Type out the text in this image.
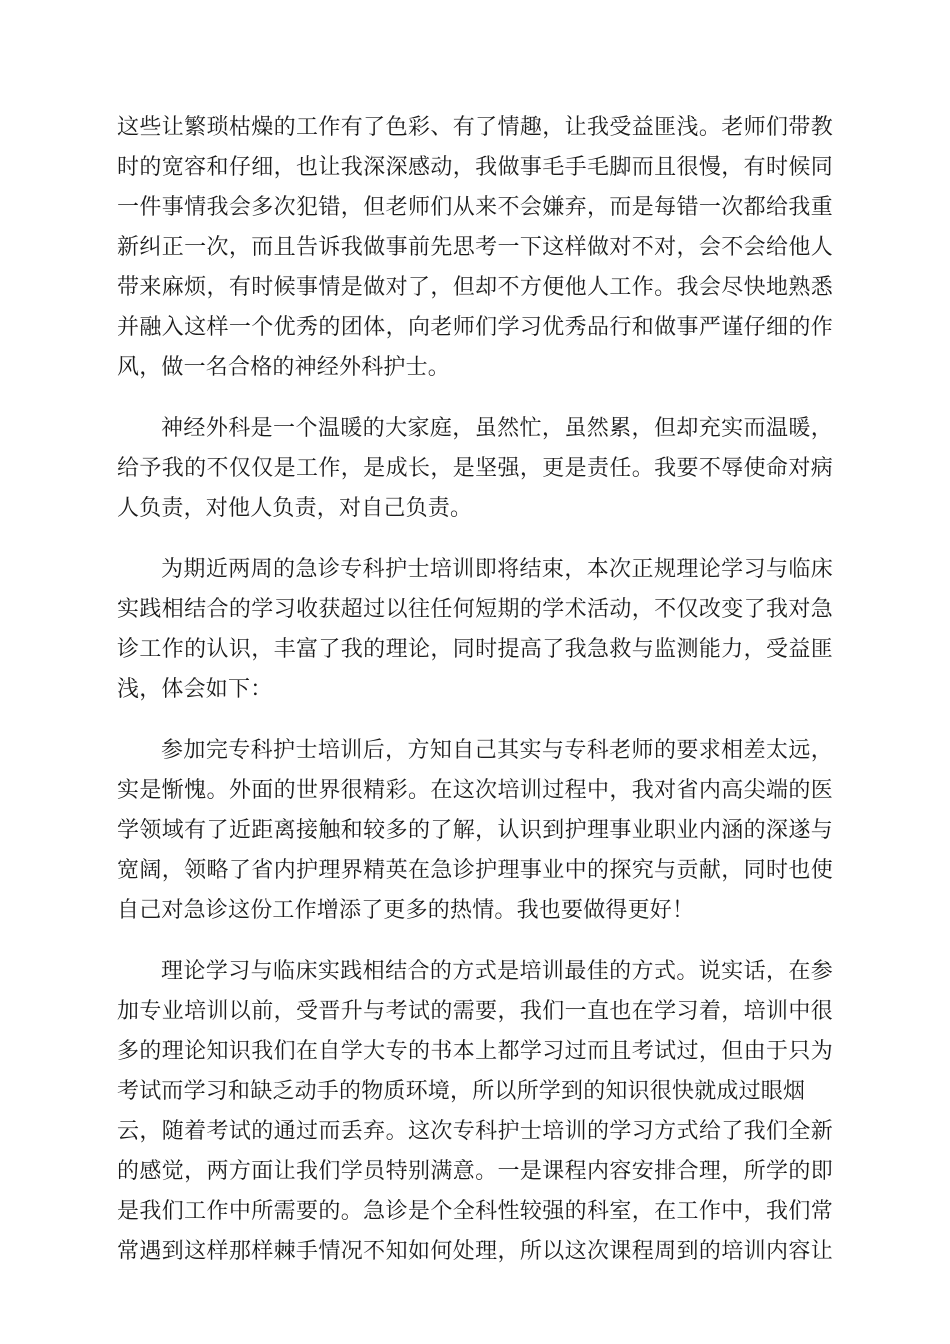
这些让繁琐枯燥的工作有了色彩、有了情趣，让我受益匪浅。老师们带教
时的宽容和仔细，也让我深深感动，我做事毛手毛脚而且很慢，有时候同
一件事情我会多次犯错，但老师们从来不会嫌弃，而是每错一次都给我重
新纠正一次，而且告诉我做事前先思考一下这样做对不对，会不会给他人
带来麻烦，有时候事情是做对了，但却不方便他人工作。我会尽快地熟悉
并融入这样一个优秀的团体，向老师们学习优秀品行和做事严谨仔细的作
风，做一名合格的神经外科护士。
神经外科是一个温暖的大家庭，虽然忙，虽然累，但却充实而温暖，
给予我的不仅仅是工作，是成长，是坚强，更是责任。我要不辱使命对病
人负责，对他人负责，对自己负责。
为期近两周的急诊专科护士培训即将结束，本次正规理论学习与临床
实践相结合的学习收获超过以往任何短期的学术活动，不仅改变了我对急
诊工作的认识，丰富了我的理论，同时提高了我急救与监测能力，受益匪
浅，体会如下：
参加完专科护士培训后，方知自己其实与专科老师的要求相差太远，
实是惭愧。外面的世界很精彩。在这次培训过程中，我对省内高尖端的医
学领域有了近距离接触和较多的了解，认识到护理事业职业内涵的深遂与
宽阔，领略了省内护理界精英在急诊护理事业中的探究与贡献，同时也使
自己对急诊这份工作增添了更多的热情。我也要做得更好！
理论学习与临床实践相结合的方式是培训最佳的方式。说实话，在参
加专业培训以前，受晋升与考试的需要，我们一直也在学习着，培训中很
多的理论知识我们在自学大专的书本上都学习过而且考试过，但由于只为
考试而学习和缺乏动手的物质环境，所以所学到的知识很快就成过眼烟
云，随着考试的通过而丢弃。这次专科护士培训的学习方式给了我们全新
的感觉，两方面让我们学员特别满意。一是课程内容安排合理，所学的即
是我们工作中所需要的。急诊是个全科性较强的科室，在工作中，我们常
常遇到这样那样棘手情况不知如何处理，所以这次课程周到的培训内容让
